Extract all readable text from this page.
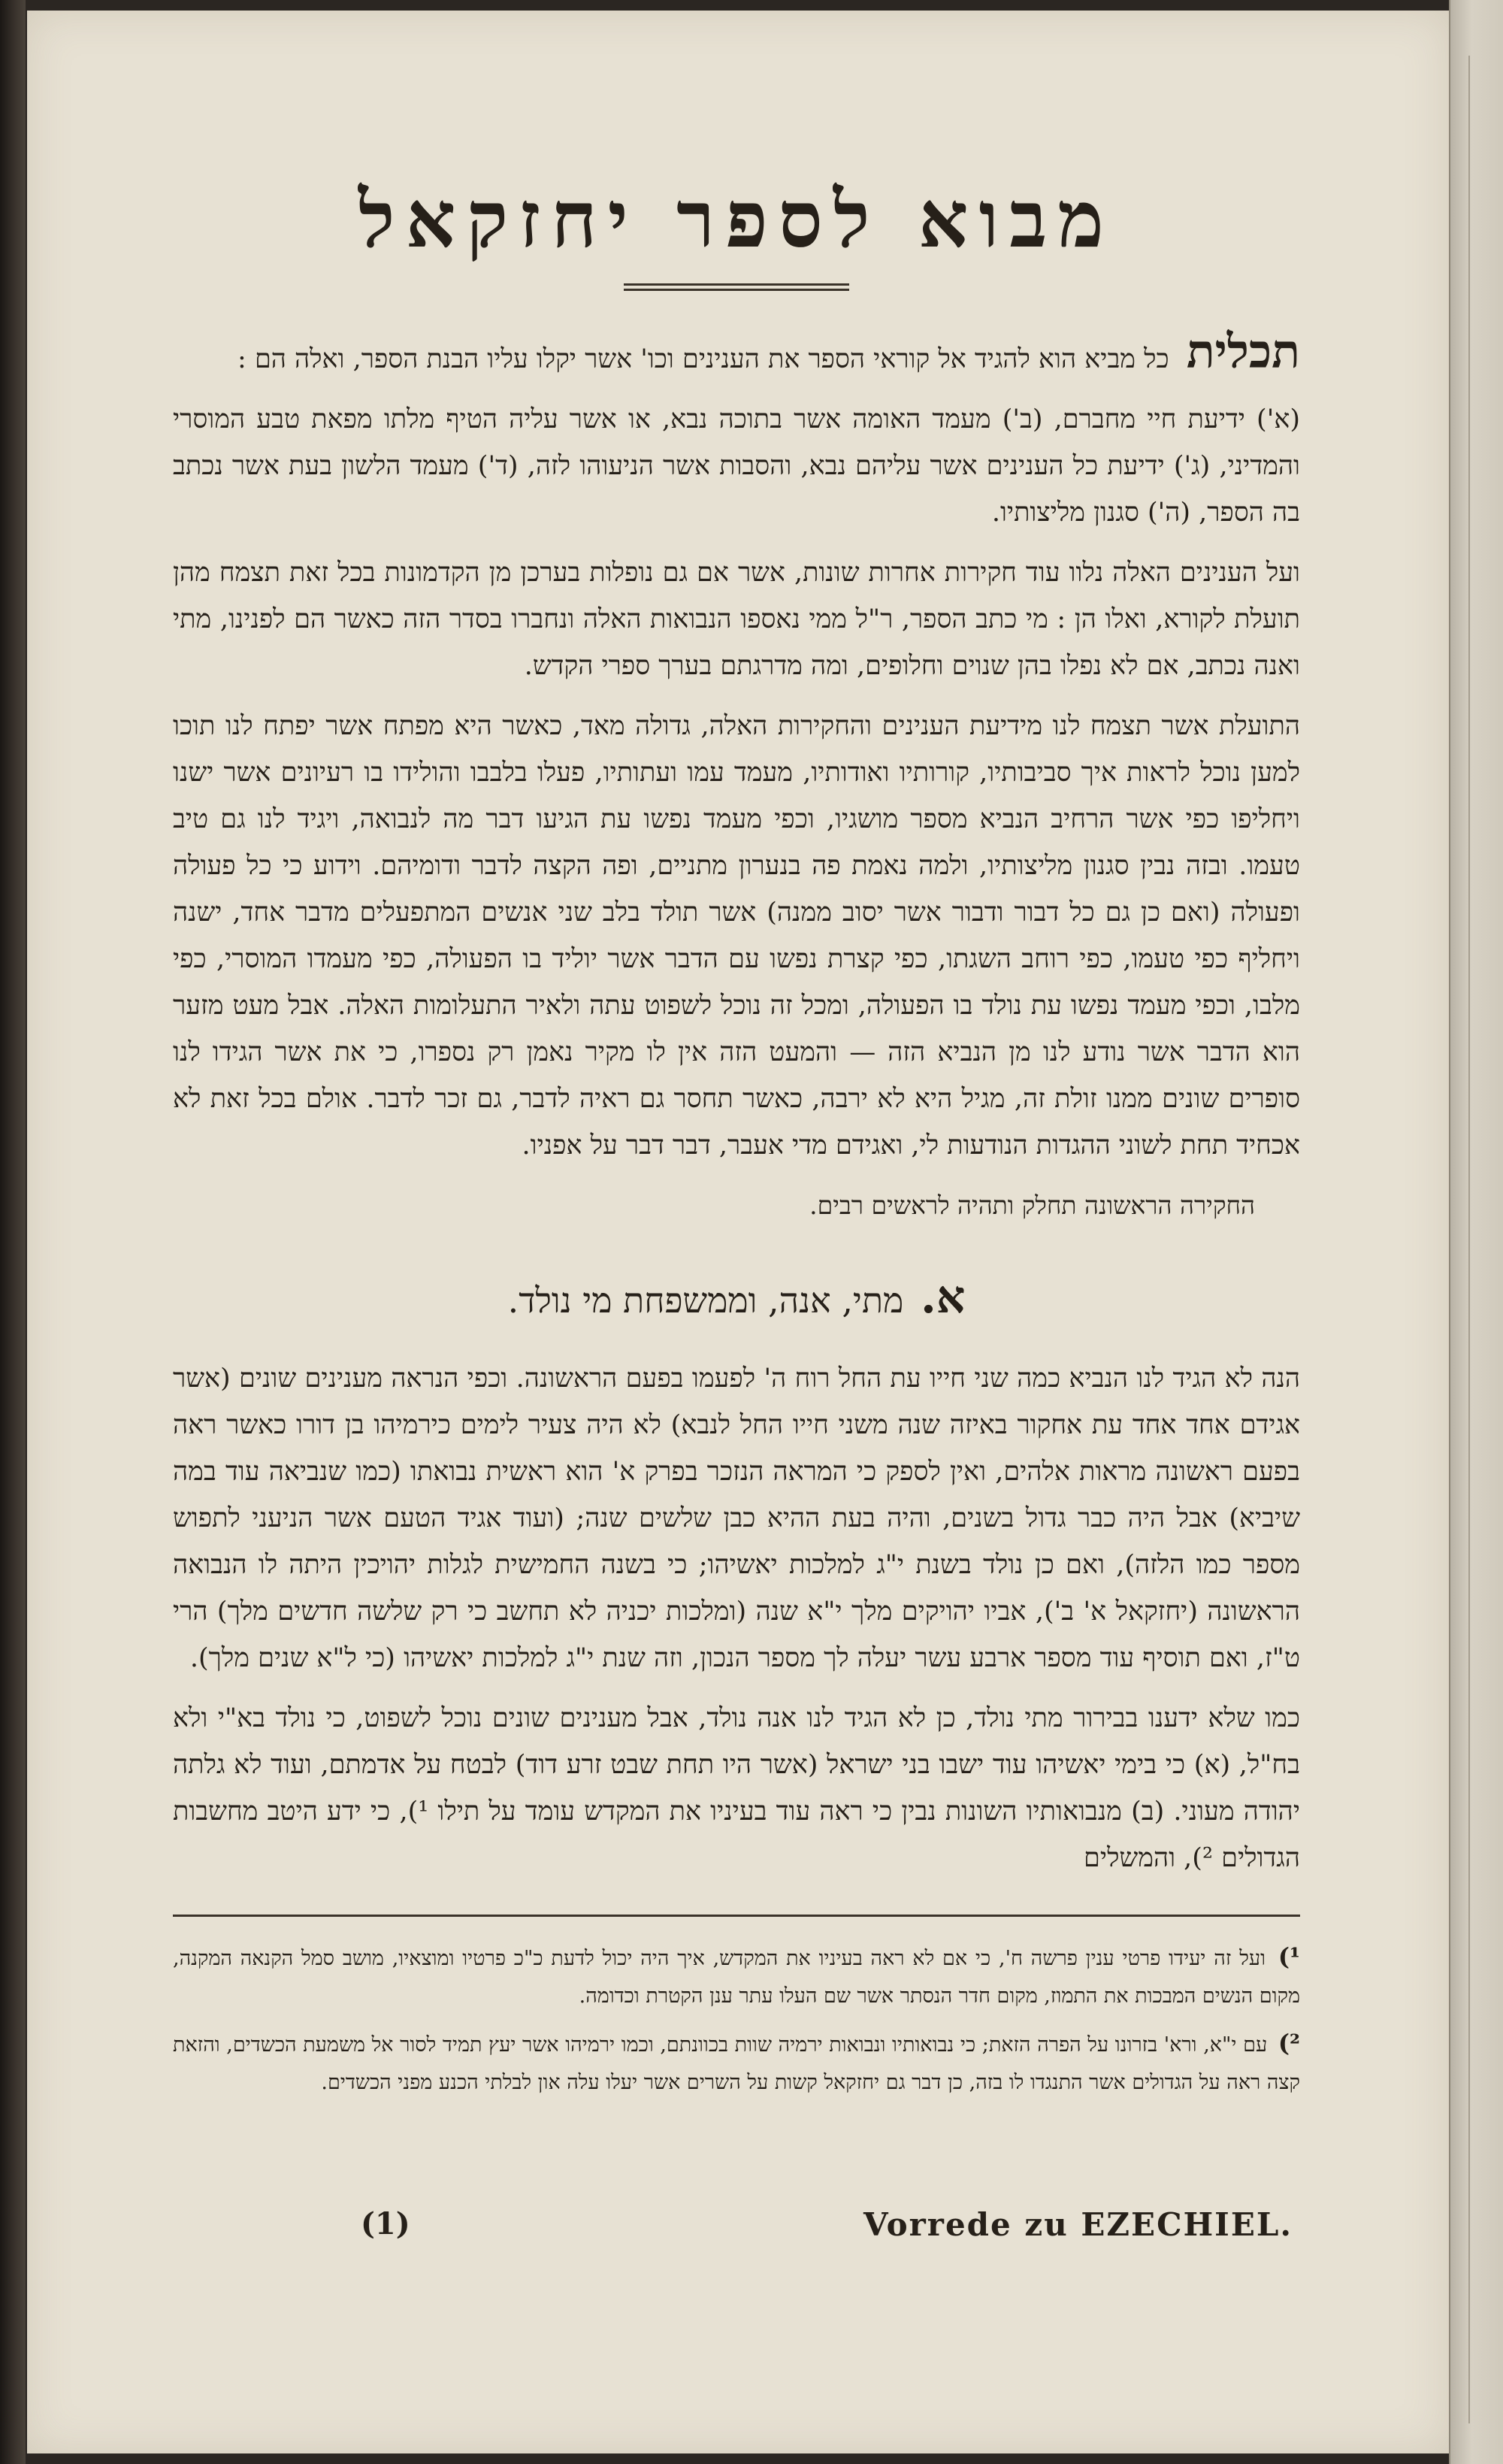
מבוא לספר יחזקאל

תכלית כל מביא הוא להגיד אל קוראי הספר את הענינים וכו' אשר יקלו עליו הבנת הספר, ואלה הם :

(א') ידיעת חיי מחברם, (ב') מעמד האומה אשר בתוכה נבא, או אשר עליה הטיף מלתו מפאת טבע המוסרי והמדיני, (ג') ידיעת כל הענינים אשר עליהם נבא, והסבות אשר הניעוהו לזה, (ד') מעמד הלשון בעת אשר נכתב בה הספר, (ה') סגנון מליצותיו.

ועל הענינים האלה נלוו עוד חקירות אחרות שונות, אשר אם גם נופלות בערכן מן הקדמונות בכל זאת תצמח מהן תועלת לקורא, ואלו הן : מי כתב הספר, ר"ל ממי נאספו הנבואות האלה ונחברו בסדר הזה כאשר הם לפנינו, מתי ואנה נכתב, אם לא נפלו בהן שנוים וחלופים, ומה מדרגתם בערך ספרי הקדש.

התועלת אשר תצמח לנו מידיעת הענינים והחקירות האלה, גדולה מאד, כאשר היא מפתח אשר יפתח לנו תוכו למען נוכל לראות איך סביבותיו, קורותיו ואודותיו, מעמד עמו ועתותיו, פעלו בלבבו והולידו בו רעיונים אשר ישנו ויחליפו כפי אשר הרחיב הנביא מספר מושגיו, וכפי מעמד נפשו עת הגיעו דבר מה לנבואה, ויגיד לנו גם טיב טעמו. ובזה נבין סגנון מליצותיו, ולמה נאמת פה בנערון מתניים, ופה הקצה לדבר ודומיהם. וידוע כי כל פעולה ופעולה (ואם כן גם כל דבור ודבור אשר יסוב ממנה) אשר תולד בלב שני אנשים המתפעלים מדבר אחד, ישנה ויחליף כפי טעמו, כפי רוחב השגתו, כפי קצרת נפשו עם הדבר אשר יוליד בו הפעולה, כפי מעמדו המוסרי, כפי מלבו, וכפי מעמד נפשו עת נולד בו הפעולה, ומכל זה נוכל לשפוט עתה ולאיר התעלומות האלה. אבל מעט מזער הוא הדבר אשר נודע לנו מן הנביא הזה — והמעט הזה אין לו מקיר נאמן רק נספרו, כי את אשר הגידו לנו סופרים שונים ממנו זולת זה, מגיל היא לא ירבה, כאשר תחסר גם ראיה לדבר, גם זכר לדבר. אולם בכל זאת לא אכחיד תחת לשוני ההגדות הנודעות לי, ואגידם מדי אעבר, דבר דבר על אפניו.

החקירה הראשונה תחלק ותהיה לראשים רבים.

א. מתי, אנה, וממשפחת מי נולד.

הנה לא הגיד לנו הנביא כמה שני חייו עת החל רוח ה' לפעמו בפעם הראשונה. וכפי הנראה מענינים שונים (אשר אגידם אחד אחד עת אחקור באיזה שנה משני חייו החל לנבא) לא היה צעיר לימים כירמיהו בן דורו כאשר ראה בפעם ראשונה מראות אלהים, ואין לספק כי המראה הנזכר בפרק א' הוא ראשית נבואתו (כמו שנביאה עוד במה שיביא) אבל היה כבר גדול בשנים, והיה בעת ההיא כבן שלשים שנה; (ועוד אגיד הטעם אשר הניעני לתפוש מספר כמו הלזה), ואם כן נולד בשנת י"ג למלכות יאשיהו; כי בשנה החמישית לגלות יהויכין היתה לו הנבואה הראשונה (יחזקאל א' ב'), אביו יהויקים מלך י"א שנה (ומלכות יכניה לא תחשב כי רק שלשה חדשים מלך) הרי ט"ז, ואם תוסיף עוד מספר ארבע עשר יעלה לך מספר הנכון, וזה שנת י"ג למלכות יאשיהו (כי ל"א שנים מלך).

כמו שלא ידענו בבירור מתי נולד, כן לא הגיד לנו אנה נולד, אבל מענינים שונים נוכל לשפוט, כי נולד בא"י ולא בח"ל, (א) כי בימי יאשיהו עוד ישבו בני ישראל (אשר היו תחת שבט זרע דוד) לבטח על אדמתם, ועוד לא גלתה יהודה מעוני. (ב) מנבואותיו השונות נבין כי ראה עוד בעיניו את המקדש עומד על תילו ¹), כי ידע היטב מחשבות הגדולים ²), והמשלים

¹) ועל זה יעידו פרטי ענין פרשה ח', כי אם לא ראה בעיניו את המקדש, איך היה יכול לדעת כ"כ פרטיו ומוצאיו, מושב סמל הקנאה המקנה, מקום הנשים המבכות את התמוז, מקום חדר הנסתר אשר שם העלו עתר ענן הקטרת וכדומה.

²) עם י"א, ורא' בזרונו על הפרה הזאת; כי נבואותיו ונבואות ירמיה שוות בכוונתם, וכמו ירמיהו אשר יעץ תמיד לסור אל משמעת הכשדים, והזאת קצה ראה על הגדולים אשר התנגדו לו בזה, כן דבר גם יחזקאל קשות על השרים אשר יעלו עלה און לבלתי הכנע מפני הכשדים.

(1)	Vorrede zu EZECHIEL.
